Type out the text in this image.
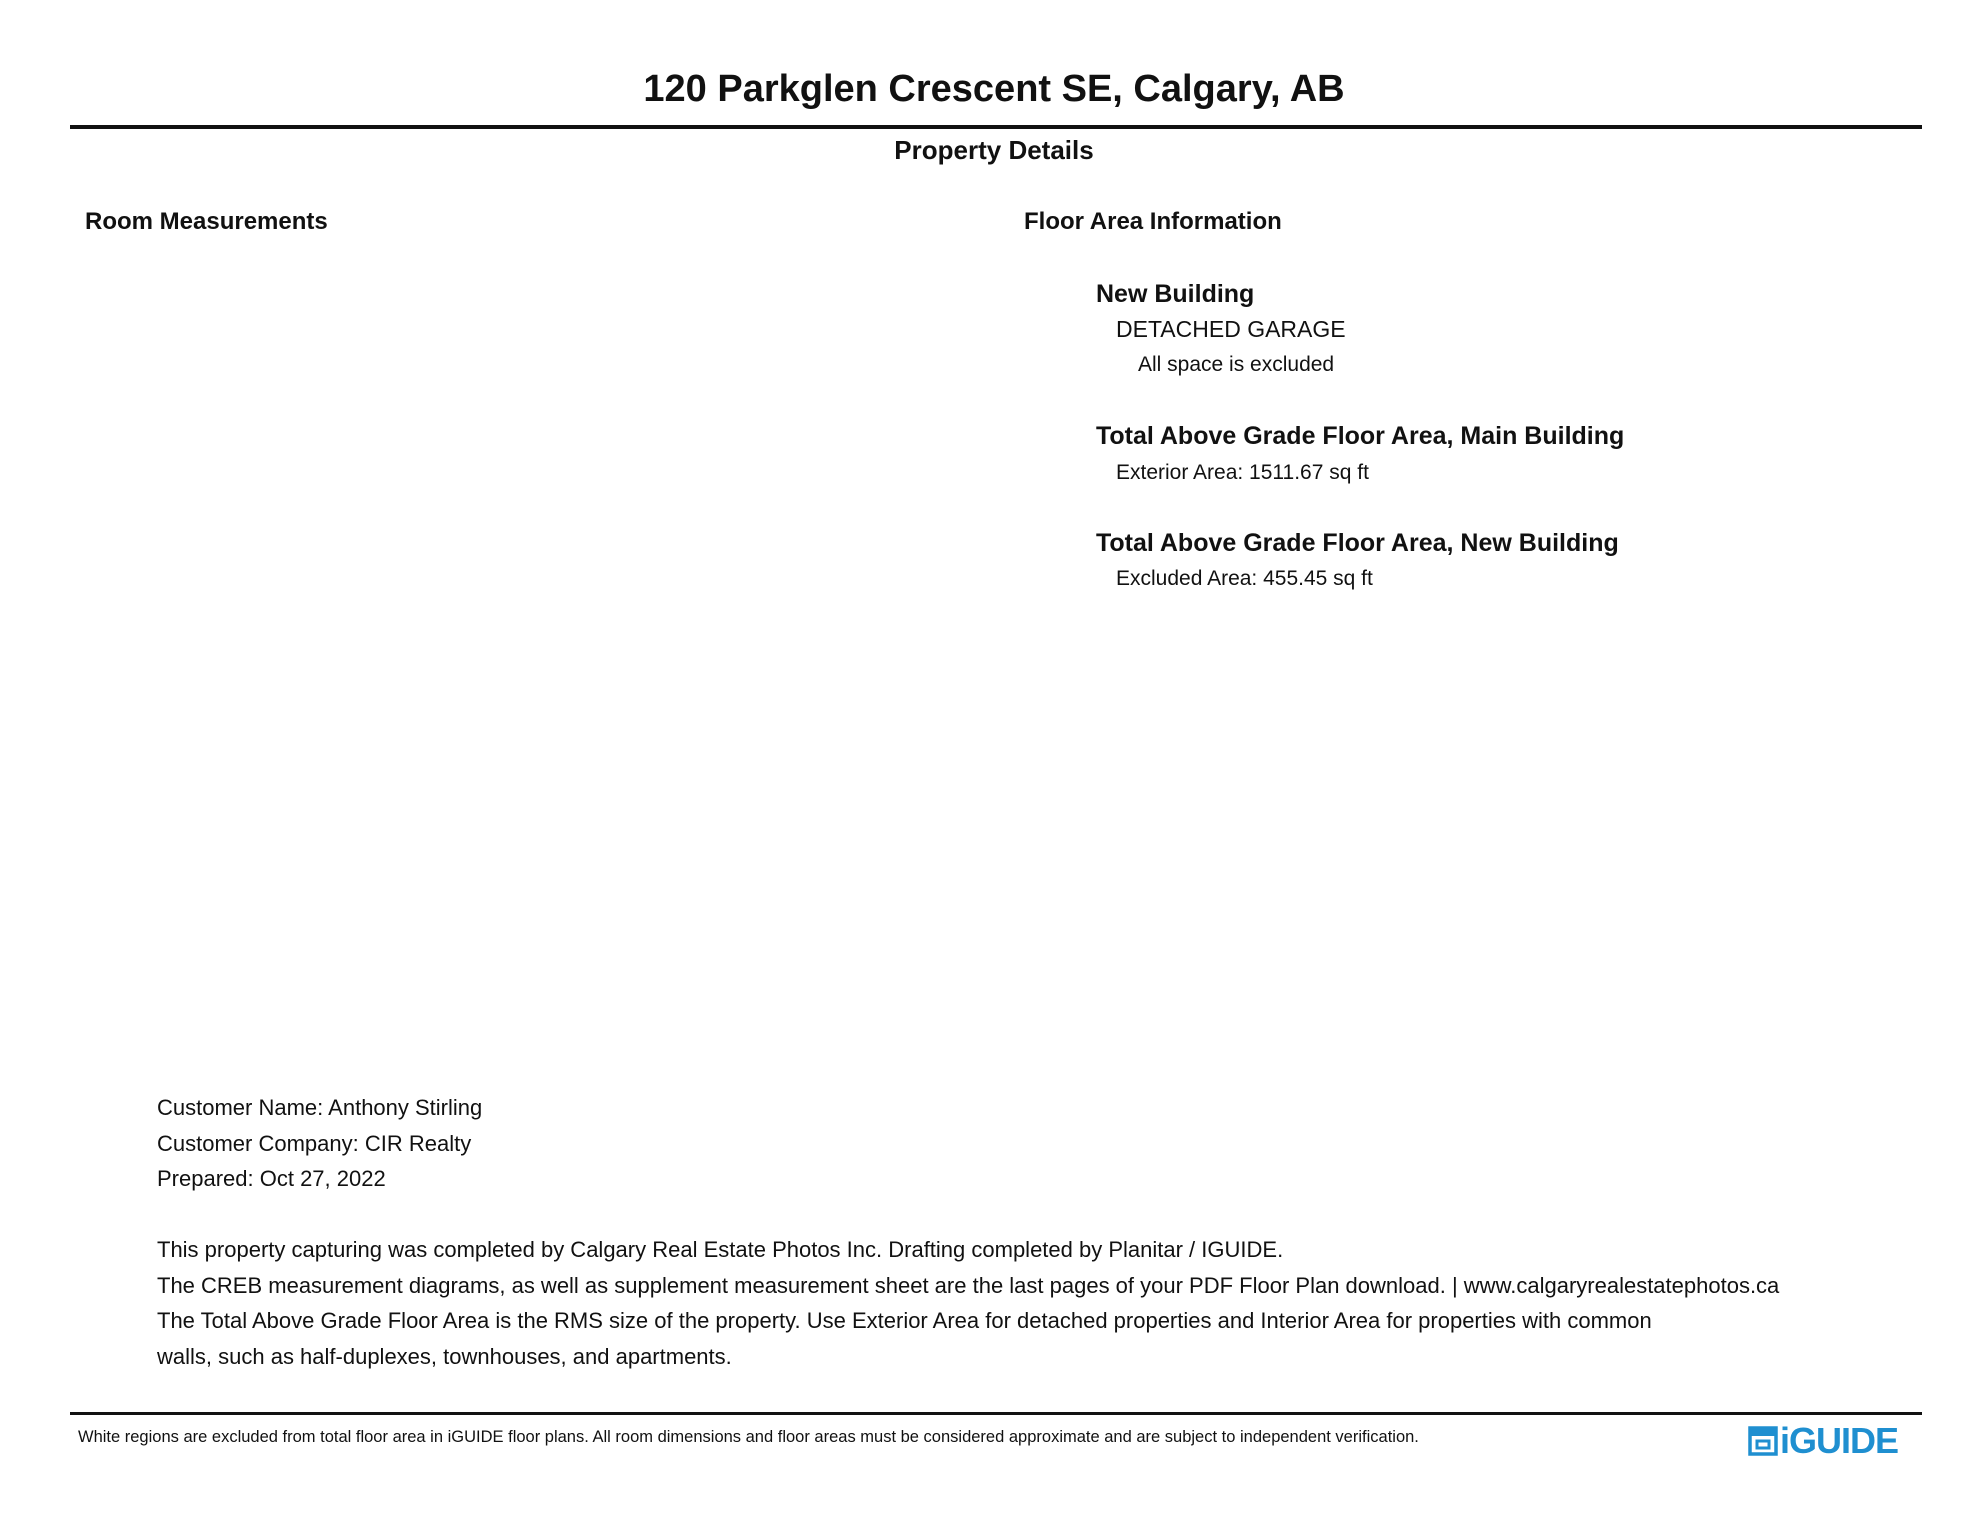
120 Parkglen Crescent SE, Calgary, AB
Property Details
Room Measurements	Floor Area Information
New Building
DETACHED GARAGE
All space is excluded
Total Above Grade Floor Area, Main Building
Exterior Area: 1511.67 sq ft
Total Above Grade Floor Area, New Building
Excluded Area: 455.45 sq ft
Customer Name: Anthony Stirling
Customer Company: CIR Realty
Prepared: Oct 27, 2022
This property capturing was completed by Calgary Real Estate Photos Inc. Drafting completed by Planitar / IGUIDE.
The CREB measurement diagrams, as well as supplement measurement sheet are the last pages of your PDF Floor Plan download. | www.calgaryrealestatephotos.ca
The Total Above Grade Floor Area is the RMS size of the property. Use Exterior Area for detached properties and Interior Area for properties with common
walls, such as half-duplexes, townhouses, and apartments.
White regions are excluded from total floor area in iGUIDE floor plans. All room dimensions and floor areas must be considered approximate and are subject to independent verification.	iGUIDE
